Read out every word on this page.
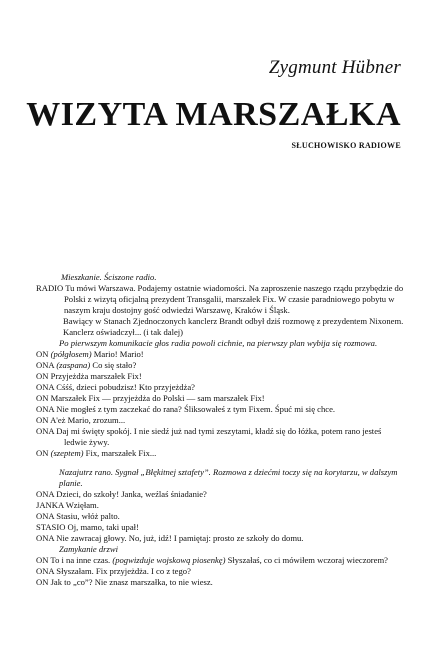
Zygmunt Hübner
WIZYTA MARSZAŁKA
SŁUCHOWISKO RADIOWE

Mieszkanie. Ściszone radio.

RADIO Tu mówi Warszawa. Podajemy ostatnie wiadomości. Na zaproszenie naszego rządu przybędzie do Polski z wizytą oficjalną prezydent Transgalii, marszałek Fix. W czasie paradniowego pobytu w naszym kraju dostojny gość odwiedzi Warszawę, Kraków i Śląsk.

Bawiący w Stanach Zjednoczonych kanclerz Brandt odbył dziś rozmowę z prezydentem Nixonem. Kanclerz oświadczył... (i tak dalej)

Po pierwszym komunikacie głos radia powoli cichnie, na pierwszy plan wybija się rozmowa.

ON (półgłosem) Mario! Mario!

ONA (zaspana) Co się stało?

ON Przyjeżdża marszałek Fix!

ONA Cśśś, dzieci pobudzisz! Kto przyjeżdża?

ON Marszałek Fix — przyjeżdża do Polski — sam marszałek Fix!

ONA Nie mogłeś z tym zaczekać do rana? Śliksowałeś z tym Fixem. Śpuć mi się chce.

ON A'eż Mario, zrozum...

ONA Daj mi święty spokój. I nie siedź już nad tymi zeszytami, kładź się do łóżka, potem rano jesteś ledwie żywy.

ON (szeptem) Fix, marszałek Fix...

Nazajutrz rano. Sygnał „Błękitnej sztafety”. Rozmowa z dziećmi toczy się na korytarzu, w dalszym planie.

ONA Dzieci, do szkoły! Janka, weźlaś śniadanie?

JANKA Wzięłam.

ONA Stasiu, włóż palto.

STASIO Oj, mamo, taki upał!

ONA Nie zawracaj głowy. No, już, idź! I pamiętaj: prosto ze szkoły do domu.

Zamykanie drzwi

ON To i na inne czas. (pogwizduje wojskową piosenkę) Słyszałaś, co ci mówiłem wczoraj wieczorem?

ONA Słyszałam. Fix przyjeżdża. I co z tego?

ON Jak to „co”? Nie znasz marszałka, to nie wiesz.
